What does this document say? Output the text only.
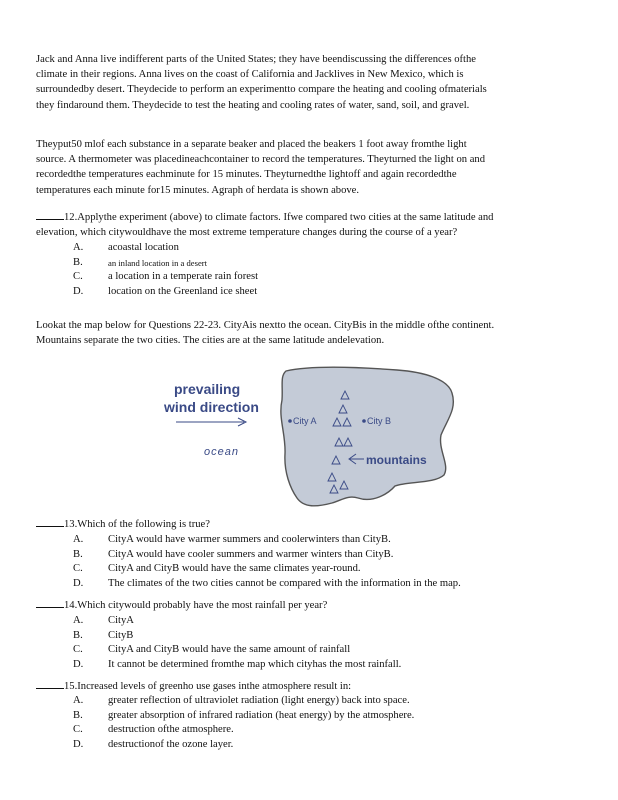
Jack and Anna live indifferent parts of the United States; they have beendiscussing the differences ofthe
climate in their regions. Anna lives on the coast of California and Jacklives in New Mexico, which is
surroundedby desert. Theydecide to perform an experimentto compare the heating and cooling ofmaterials
they findaround them. Theydecide to test the heating and cooling rates of water, sand, soil, and gravel.
Theyput50 mlof each substance in a separate beaker and placed the beakers 1 foot away fromthe light
source. A thermometer was placedineachcontainer to record the temperatures. Theyturned the light on and
recordedthe temperatures eachminute for 15 minutes. Theyturnedthe lightoff and again recordedthe
temperatures each minute for15 minutes. Agraph of herdata is shown above.
12.Applythe experiment (above) to climate factors. Ifwe compared two cities at the same latitude and
elevation, which citywouldhave the most extreme temperature changes during the course of a year?
A. acoastal location
B.	an inland location in a desert
C. a location in a temperate rain forest
D. location on the Greenland ice sheet
Lookat the map below for Questions 22-23. CityAis nextto the ocean. CityBis in the middle ofthe continent.
Mountains separate the two cities. The cities are at the same latitude andelevation.
prevailing
wind direction
ocean
City A	City B
mountains
13.Which of the following is true?
A. CityA would have warmer summers and coolerwinters than CityB.
B. CityA would have cooler summers and warmer winters than CityB.
C. CityA and CityB would have the same climates year-round.
D. The climates of the two cities cannot be compared with the information in the map.
14.Which citywould probably have the most rainfall per year?
A. CityA
B. CityB
C. CityA and CityB would have the same amount of rainfall
D. It cannot be determined fromthe map which cityhas the most rainfall.
15.Increased levels of greenho use gases inthe atmosphere result in:
A. greater reflection of ultraviolet radiation (light energy) back into space.
B. greater absorption of infrared radiation (heat energy) by the atmosphere.
C. destruction ofthe atmosphere.
D. destructionof the ozone layer.
